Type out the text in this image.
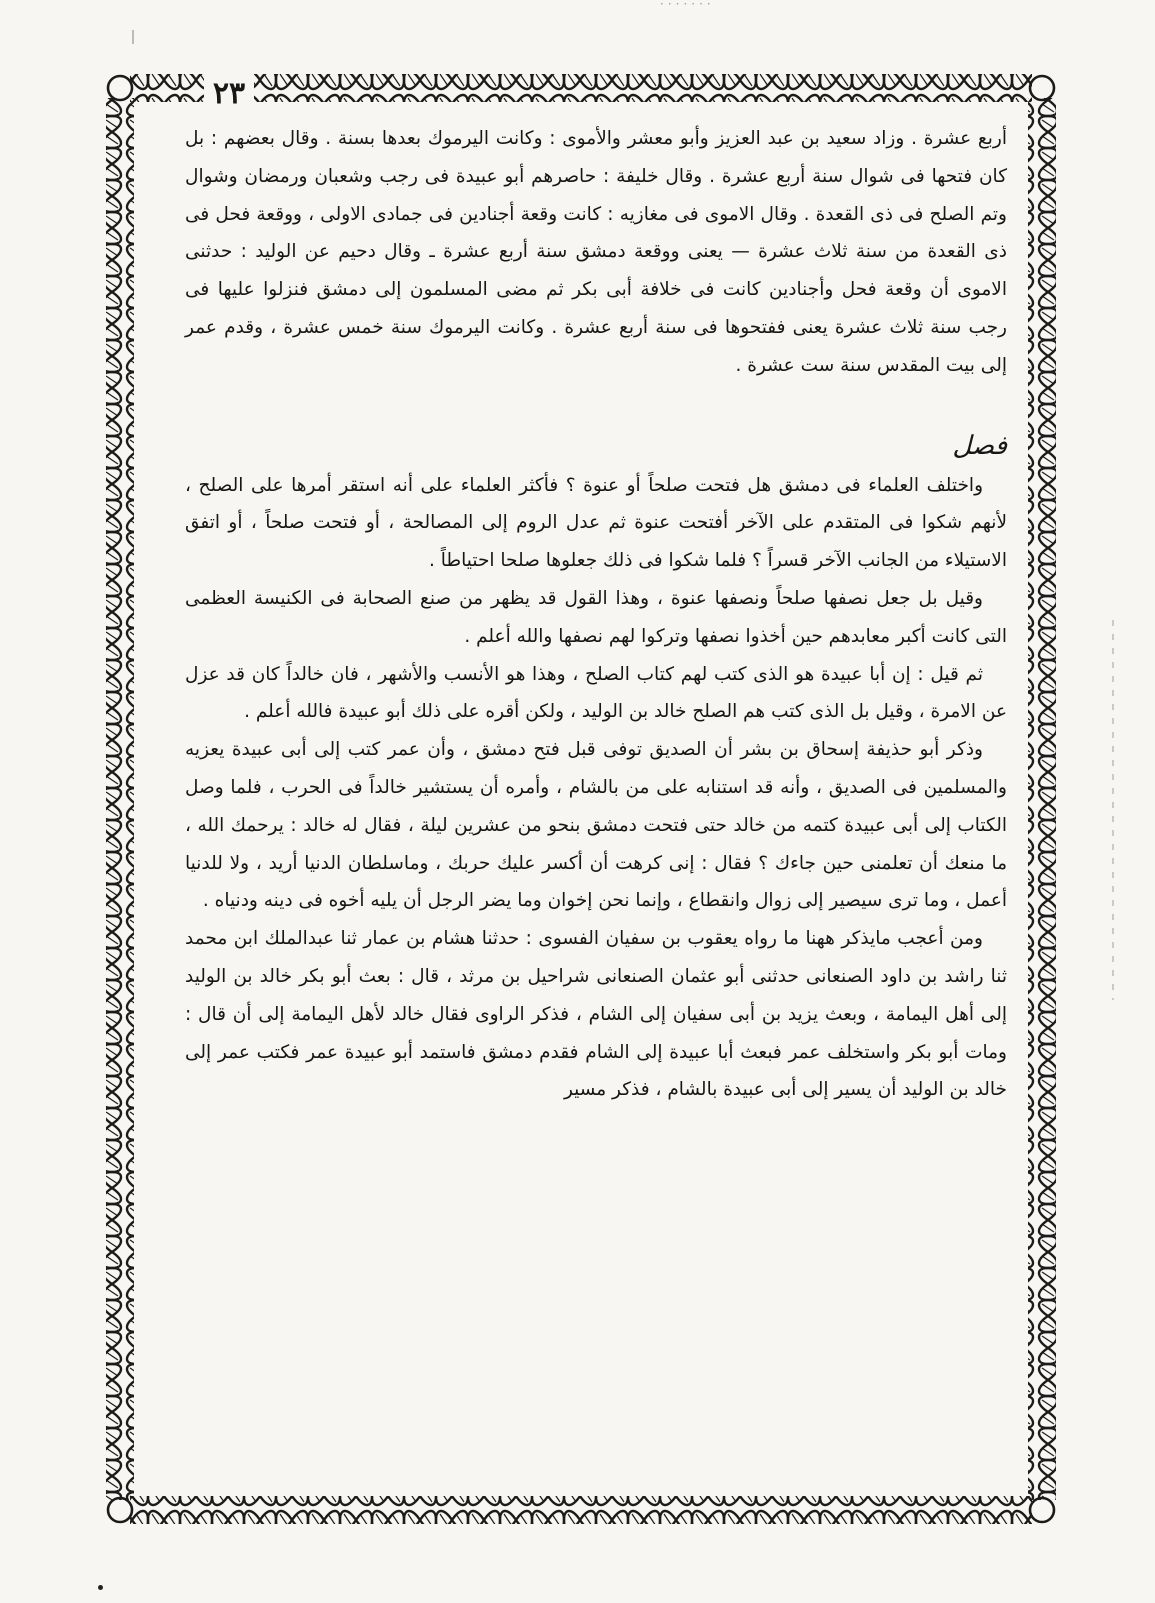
·······
٢٣

أربع عشرة . وزاد سعيد بن عبد العزيز وأبو معشر والأموى : وكانت اليرموك بعدها بسنة . وقال بعضهم : بل كان فتحها فى شوال سنة أربع عشرة . وقال خليفة : حاصرهم أبو عبيدة فى رجب وشعبان ورمضان وشوال وتم الصلح فى ذى القعدة . وقال الاموى فى مغازيه : كانت وقعة أجنادين فى جمادى الاولى ، ووقعة فحل فى ذى القعدة من سنة ثلاث عشرة — يعنى ووقعة دمشق سنة أربع عشرة ـ وقال دحيم عن الوليد : حدثنى الاموى أن وقعة فحل وأجنادين كانت فى خلافة أبى بكر ثم مضى المسلمون إلى دمشق فنزلوا عليها فى رجب سنة ثلاث عشرة يعنى ففتحوها فى سنة أربع عشرة . وكانت اليرموك سنة خمس عشرة ، وقدم عمر إلى بيت المقدس سنة ست عشرة .

فصل

واختلف العلماء فى دمشق هل فتحت صلحاً أو عنوة ؟ فأكثر العلماء على أنه استقر أمرها على الصلح ، لأنهم شكوا فى المتقدم على الآخر أفتحت عنوة ثم عدل الروم إلى المصالحة ، أو فتحت صلحاً ، أو اتفق الاستيلاء من الجانب الآخر قسراً ؟ فلما شكوا فى ذلك جعلوها صلحا احتياطاً .

وقيل بل جعل نصفها صلحاً ونصفها عنوة ، وهذا القول قد يظهر من صنع الصحابة فى الكنيسة العظمى التى كانت أكبر معابدهم حين أخذوا نصفها وتركوا لهم نصفها والله أعلم .

ثم قيل : إن أبا عبيدة هو الذى كتب لهم كتاب الصلح ، وهذا هو الأنسب والأشهر ، فان خالداً كان قد عزل عن الامرة ، وقيل بل الذى كتب هم الصلح خالد بن الوليد ، ولكن أقره على ذلك أبو عبيدة فالله أعلم .

وذكر أبو حذيفة إسحاق بن بشر أن الصديق توفى قبل فتح دمشق ، وأن عمر كتب إلى أبى عبيدة يعزيه والمسلمين فى الصديق ، وأنه قد استنابه على من بالشام ، وأمره أن يستشير خالداً فى الحرب ، فلما وصل الكتاب إلى أبى عبيدة كتمه من خالد حتى فتحت دمشق بنحو من عشرين ليلة ، فقال له خالد : يرحمك الله ، ما منعك أن تعلمنى حين جاءك ؟ فقال : إنى كرهت أن أكسر عليك حربك ، وماسلطان الدنيا أريد ، ولا للدنيا أعمل ، وما ترى سيصير إلى زوال وانقطاع ، وإنما نحن إخوان وما يضر الرجل أن يليه أخوه فى دينه ودنياه .

ومن أعجب مايذكر ههنا ما رواه يعقوب بن سفيان الفسوى : حدثنا هشام بن عمار ثنا عبدالملك ابن محمد ثنا راشد بن داود الصنعانى حدثنى أبو عثمان الصنعانى شراحيل بن مرثد ، قال : بعث أبو بكر خالد بن الوليد إلى أهل اليمامة ، وبعث يزيد بن أبى سفيان إلى الشام ، فذكر الراوى فقال خالد لأهل اليمامة إلى أن قال : ومات أبو بكر واستخلف عمر فبعث أبا عبيدة إلى الشام فقدم دمشق فاستمد أبو عبيدة عمر فكتب عمر إلى خالد بن الوليد أن يسير إلى أبى عبيدة بالشام ، فذكر مسير
